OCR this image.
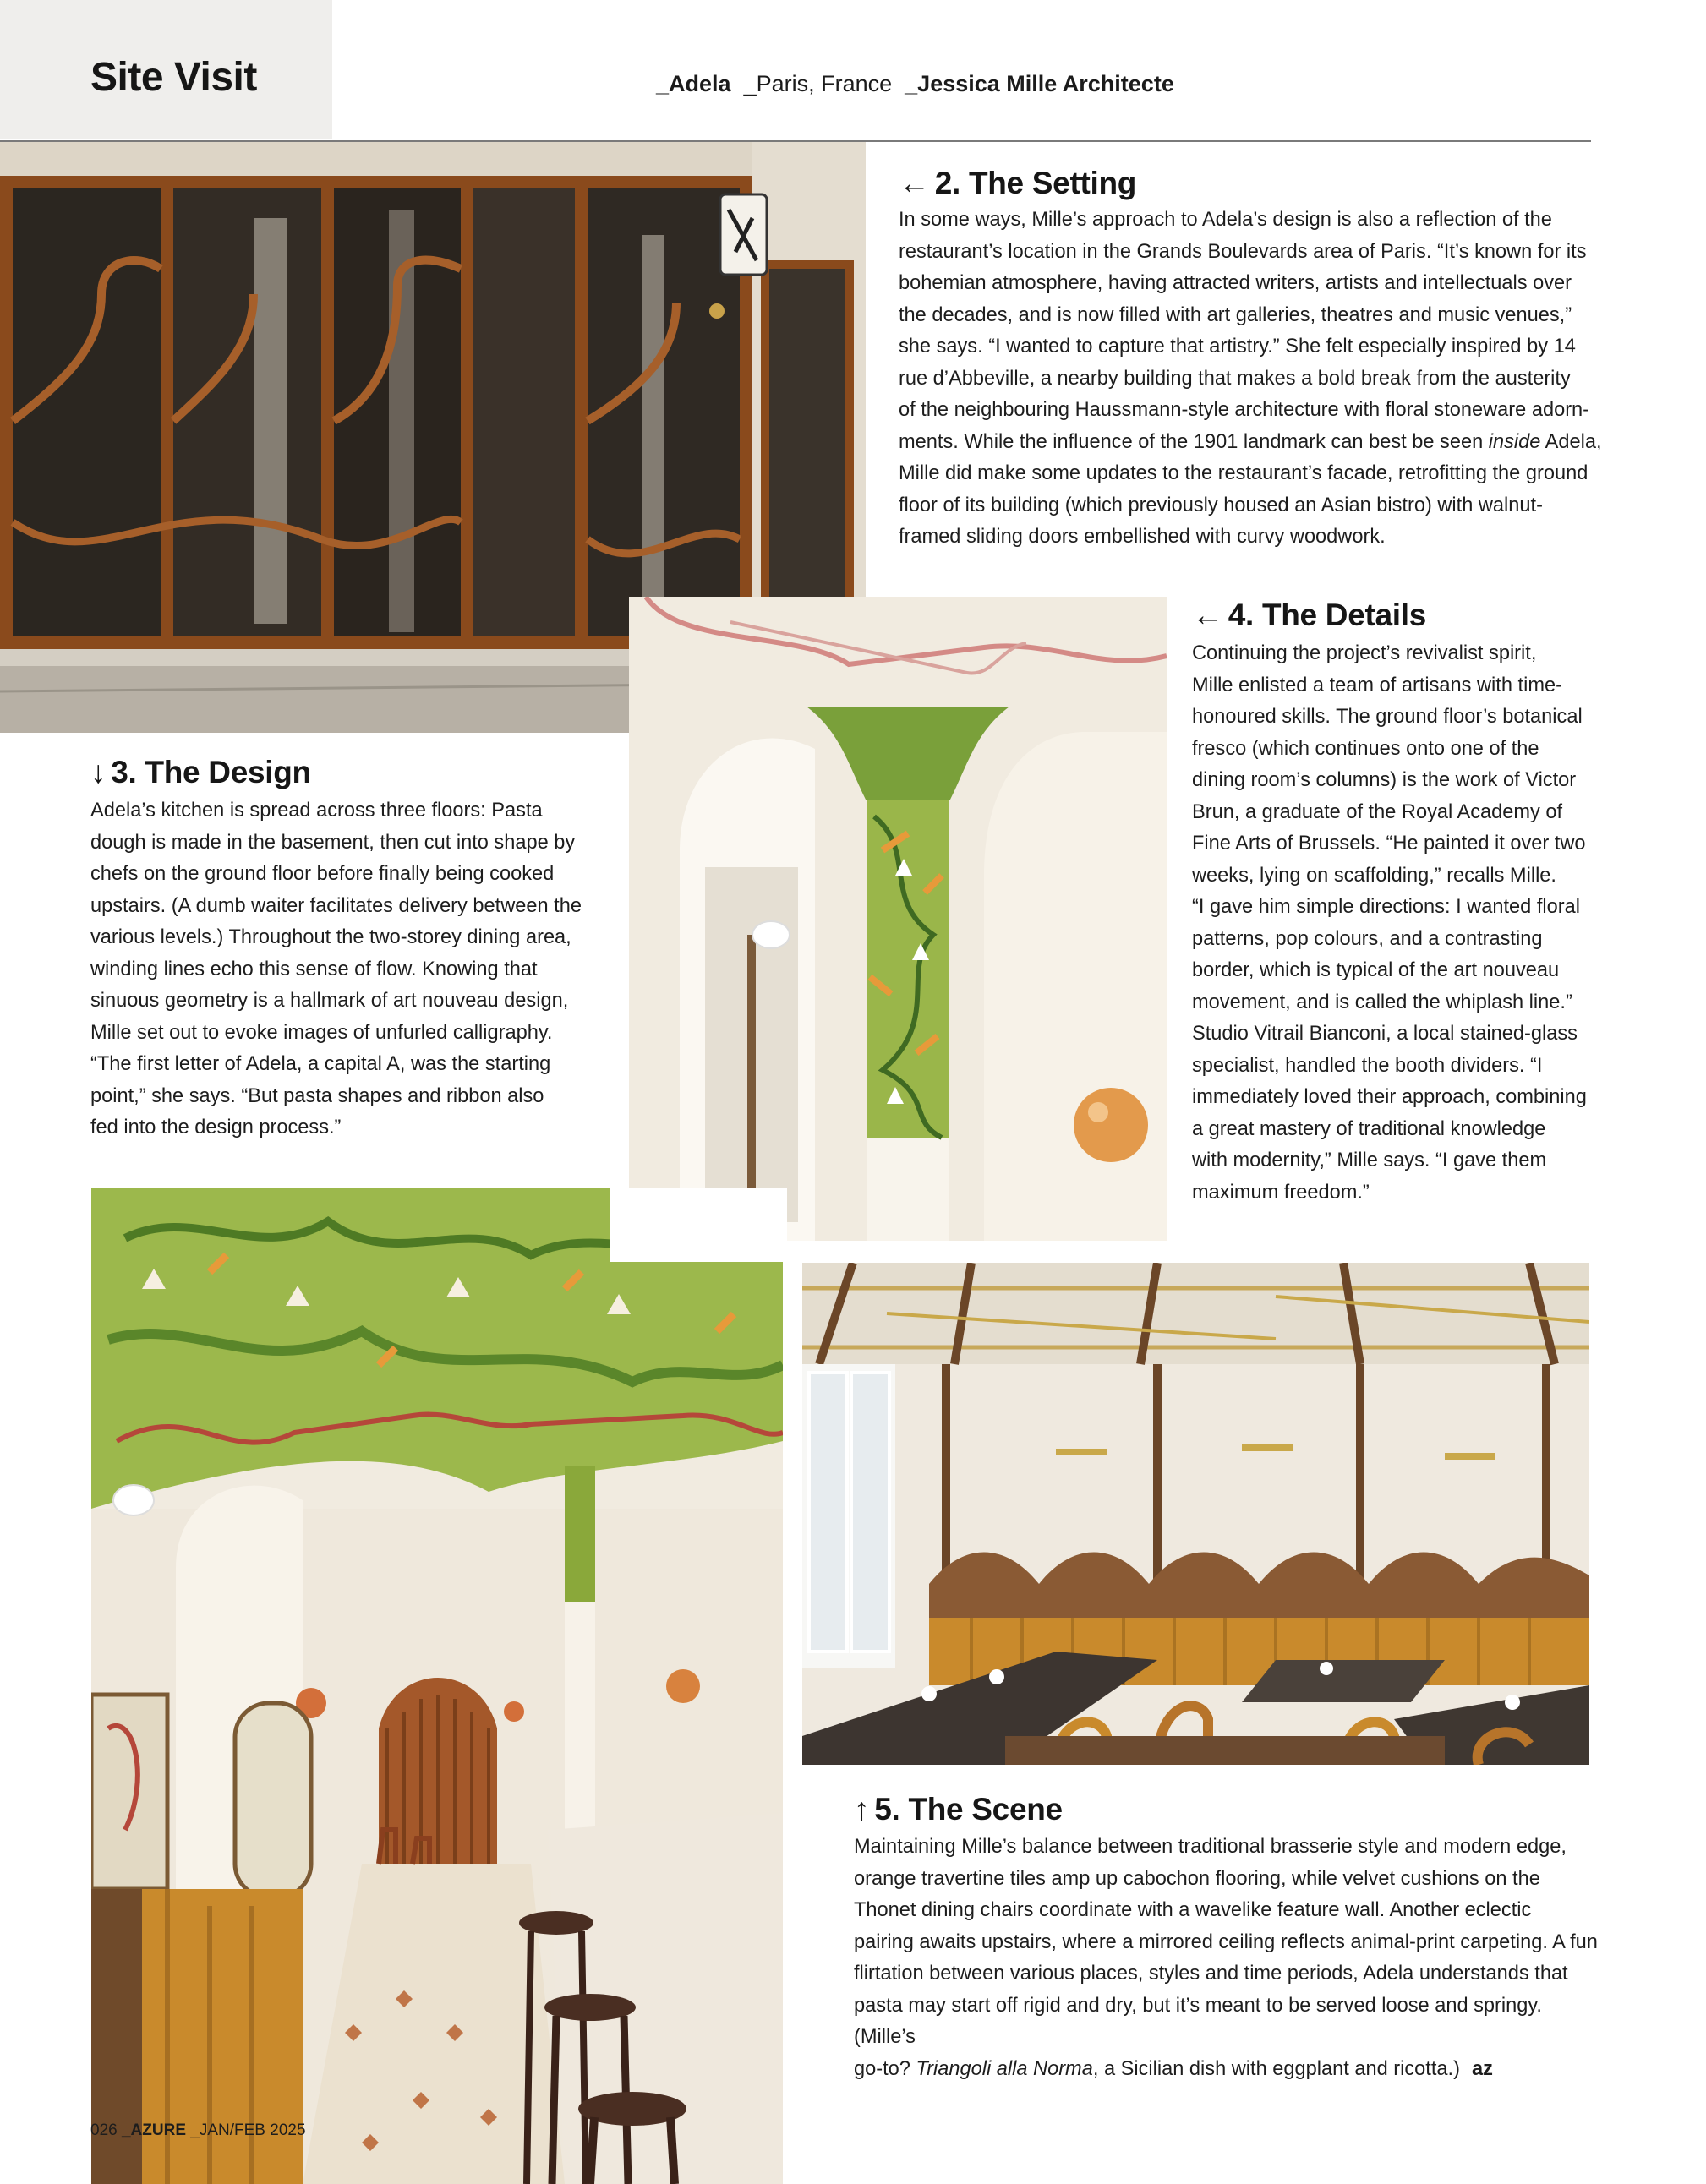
Site Visit	_Adela _Paris, France _Jessica Mille Architecte
← 2. The Setting
In some ways, Mille’s approach to Adela’s design is also a reflection of the
restaurant’s location in the Grands Boulevards area of Paris. “It’s known for its
bohemian atmosphere, having attracted writers, artists and intellectuals over
the decades, and is now filled with art galleries, theatres and music venues,”
she says. “I wanted to capture that artistry.” She felt especially inspired by 14
rue d’Abbeville, a nearby building that makes a bold break from the austerity
of the neighbouring Haussmann-style architecture with floral stoneware adorn-
ments. While the influence of the 1901 landmark can best be seen inside Adela,
Mille did make some updates to the restaurant’s facade, retrofitting the ground
floor of its building (which previously housed an Asian bistro) with walnut-
framed sliding doors embellished with curvy woodwork.
← 4. The Details
Continuing the project’s revivalist spirit,
Mille enlisted a team of artisans with time-
honoured skills. The ground floor’s botanical
fresco (which continues onto one of the
dining room’s columns) is the work of Victor
Brun, a graduate of the Royal Academy of
Fine Arts of Brussels. “He painted it over two
weeks, lying on scaffolding,” recalls Mille.
“I gave him simple directions: I wanted floral
patterns, pop colours, and a contrasting
border, which is typical of the art nouveau
movement, and is called the whiplash line.”
Studio Vitrail Bianconi, a local stained-glass
specialist, handled the booth dividers. “I
immediately loved their approach, combining
a great mastery of traditional knowledge
with modernity,” Mille says. “I gave them
maximum freedom.”
↓ 3. The Design
Adela’s kitchen is spread across three floors: Pasta
dough is made in the basement, then cut into shape by
chefs on the ground floor before finally being cooked
upstairs. (A dumb waiter facilitates delivery between the
various levels.) Throughout the two-storey dining area,
winding lines echo this sense of flow. Knowing that
sinuous geometry is a hallmark of art nouveau design,
Mille set out to evoke images of unfurled calligraphy.
“The first letter of Adela, a capital A, was the starting
point,” she says. “But pasta shapes and ribbon also
fed into the design process.”
↑ 5. The Scene
Maintaining Mille’s balance between traditional brasserie style and modern edge,
orange travertine tiles amp up cabochon flooring, while velvet cushions on the
Thonet dining chairs coordinate with a wavelike feature wall. Another eclectic
pairing awaits upstairs, where a mirrored ceiling reflects animal-print carpeting. A fun
flirtation between various places, styles and time periods, Adela understands that
pasta may start off rigid and dry, but it’s meant to be served loose and springy. (Mille’s
go-to? Triangoli alla Norma, a Sicilian dish with eggplant and ricotta.) az
026 _AZURE _JAN/FEB 2025
